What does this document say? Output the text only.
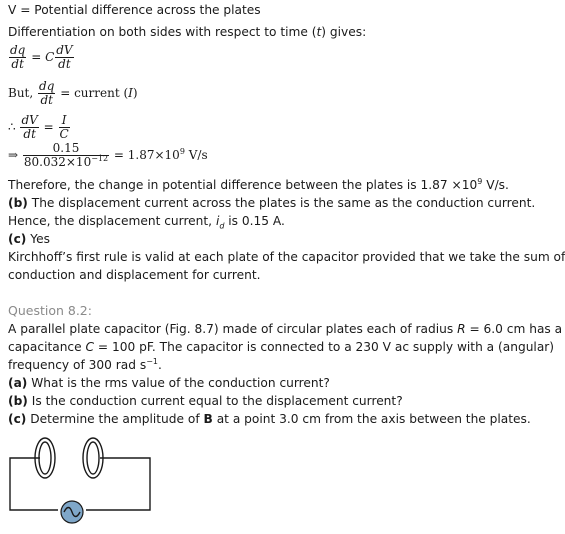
V = Potential difference across the plates
Differentiation on both sides with respect to time (t) gives:
$\frac{dq}{dt} = C \frac{dV}{dt}$
But, $\frac{dq}{dt}$ = current (I)
∴ $\frac{dV}{dt} = \frac{I}{C}$
⇒ $\frac{0.15}{80.032\times 10^{-12}} = 1.87\times 10^9$ V/s
Therefore, the change in potential difference between the plates is $1.87 \times 10^9$ V/s.
(b) The displacement current across the plates is the same as the conduction current.
Hence, the displacement current, $i_d$ is 0.15 A.
(c) Yes
Kirchhoff’s first rule is valid at each plate of the capacitor provided that we take the sum of
conduction and displacement for current.
Question 8.2:
A parallel plate capacitor (Fig. 8.7) made of circular plates each of radius R = 6.0 cm has a
capacitance C = 100 pF. The capacitor is connected to a 230 V ac supply with a (angular)
frequency of 300 rad $s^{-1}$.
(a) What is the rms value of the conduction current?
(b) Is the conduction current equal to the displacement current?
(c) Determine the amplitude of B at a point 3.0 cm from the axis between the plates.
